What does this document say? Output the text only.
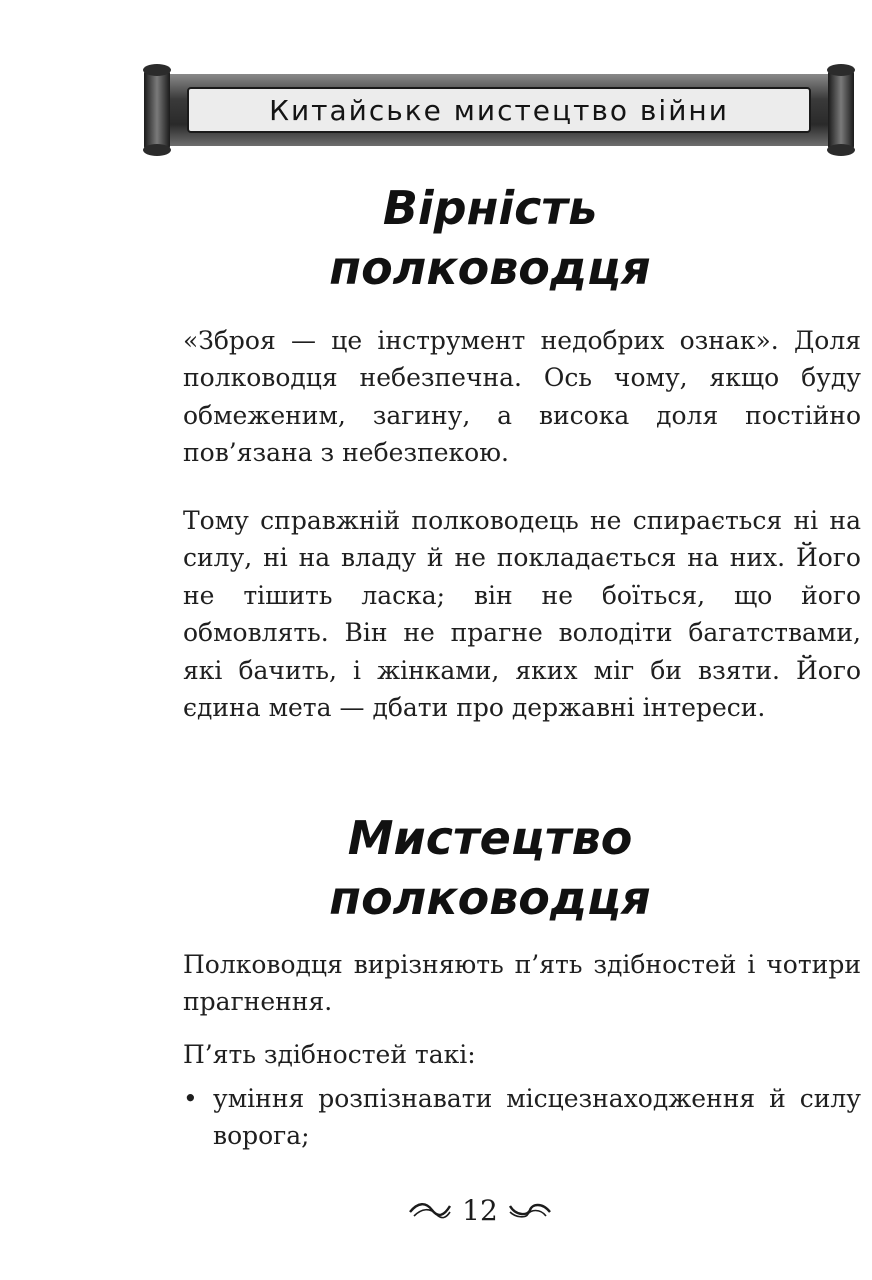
Китайське мистецтво війни
Вірність
полководця

«Зброя — це інструмент недобрих ознак». Доля полководця небезпечна. Ось чому, якщо буду обмеженим, загину, а висока доля постійно пов’язана з небезпекою.

Тому справжній полководець не спирається ні на силу, ні на владу й не покладається на них. Його не тішить ласка; він не боїться, що його обмовлять. Він не прагне володіти багатствами, які бачить, і жінками, яких міг би взяти. Його єдина мета — дбати про державні інтереси.

Мистецтво
полководця

Полководця вирізняють п’ять здібностей і чотири прагнення.

П’ять здібностей такі:

• уміння розпізнавати місцезнаходження й силу ворога;
12
